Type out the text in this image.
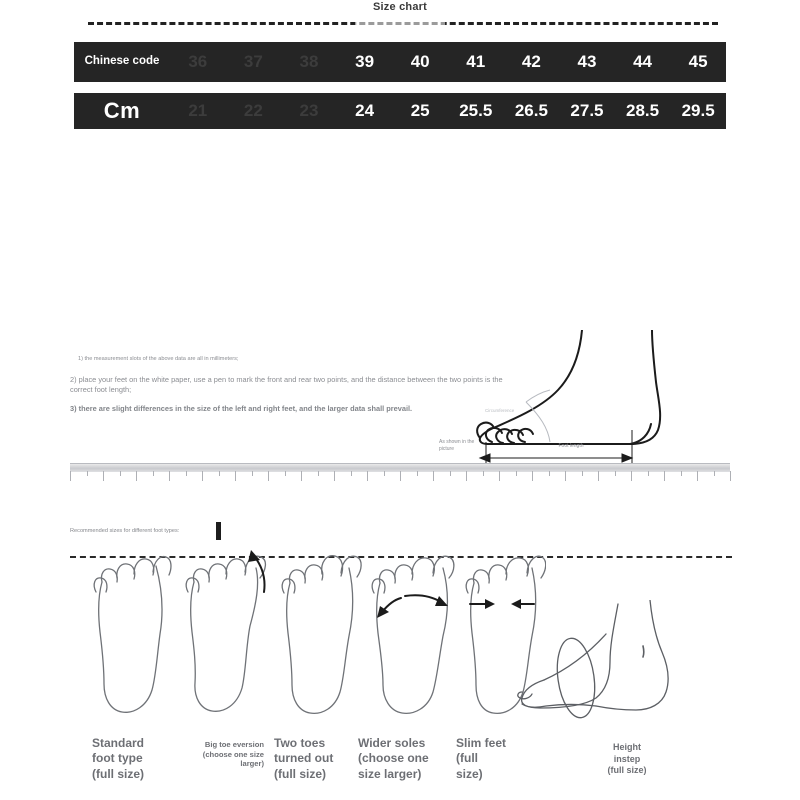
Size chart
Chinese code	36	37	38	39	40	41	42	43	44	45
Cm	21	22	23	24	25	25.5	26.5	27.5	28.5	29.5

1) the measurement slots of the above data are all in millimeters;

2) place your feet on the white paper, use a pen to mark the front and rear two points, and the distance between the two points is the correct foot length;

3) there are slight differences in the size of the left and right feet, and the larger data shall prevail.

As shown in the picture	Foot length
Circumference
Recommended sizes for different foot types:
Standard
foot type
(full size)
Big toe eversion
(choose one size
larger)
Two toes
turned out
(full size)
Wider soles
(choose one
size larger)
Slim feet
(full
size)
Height
instep
(full size)
